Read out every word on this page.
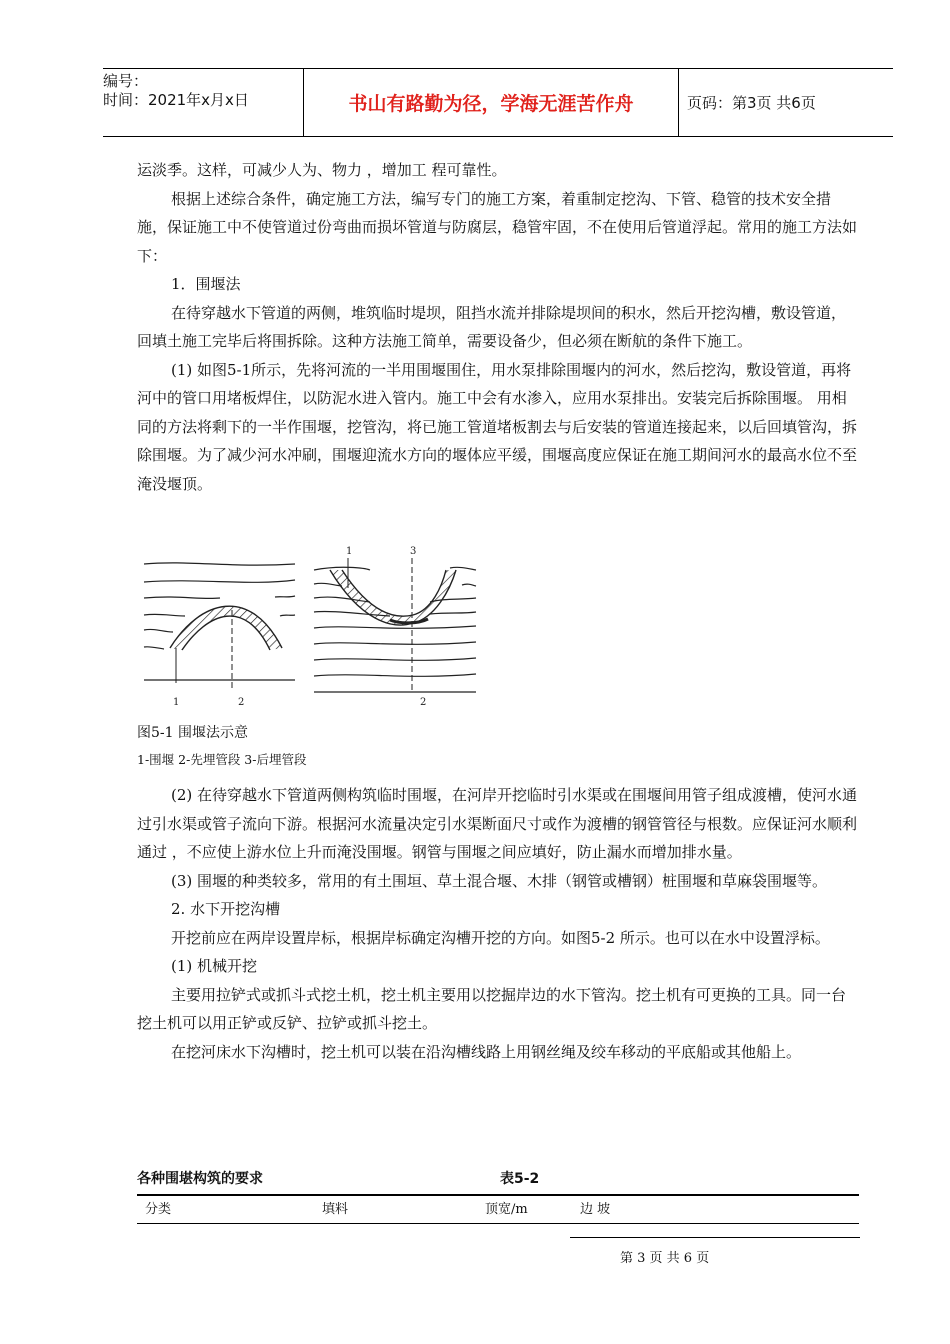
编号：
时间：2021年x月x日	书山有路勤为径，学海无涯苦作舟	页码：第3页 共6页

运淡季。这样，可减少人为、物力 ，增加工 程可靠性。

根据上述综合条件，确定施工方法，编写专门的施工方案，着重制定挖沟、下管、稳管的技术安全措施，保证施工中不使管道过份弯曲而损坏管道与防腐层，稳管牢固，不在使用后管道浮起。常用的施工方法如下：

1．围堰法

在待穿越水下管道的两侧，堆筑临时堤坝，阻挡水流并排除堤坝间的积水，然后开挖沟槽，敷设管道，回填土施工完毕后将围拆除。这种方法施工简单，需要设备少，但必须在断航的条件下施工。

(1) 如图5-1所示，先将河流的一半用围堰围住，用水泵排除围堰内的河水，然后挖沟，敷设管道，再将河中的管口用堵板焊住，以防泥水进入管内。施工中会有水渗入，应用水泵排出。安装完后拆除围堰。 用相同的方法将剩下的一半作围堰，挖管沟，将已施工管道堵板割去与后安装的管道连接起来，以后回填管沟，拆除围堰。为了减少河水冲刷，围堰迎流水方向的堰体应平缓，围堰高度应保证在施工期间河水的最高水位不至淹没堰顶。

1	2
1	3
2
图5-1 围堰法示意
1-围堰 2-先埋管段 3-后埋管段

(2) 在待穿越水下管道两侧构筑临时围堰，在河岸开挖临时引水渠或在围堰间用管子组成渡槽，使河水通过引水渠或管子流向下游。根据河水流量决定引水渠断面尺寸或作为渡槽的钢管管径与根数。应保证河水顺利通过 ，不应使上游水位上升而淹没围堰。钢管与围堰之间应填好，防止漏水而增加排水量。

(3) 围堰的种类较多，常用的有土围垣、草土混合堰、木排（钢管或槽钢）桩围堰和草麻袋围堰等。

2. 水下开挖沟槽

开挖前应在两岸设置岸标，根据岸标确定沟槽开挖的方向。如图5-2 所示。也可以在水中设置浮标。

(1) 机械开挖

主要用拉铲式或抓斗式挖土机，挖土机主要用以挖掘岸边的水下管沟。挖土机有可更换的工具。同一台挖土机可以用正铲或反铲、拉铲或抓斗挖土。

在挖河床水下沟槽时，挖土机可以装在沿沟槽线路上用钢丝绳及绞车移动的平底船或其他船上。

各种围堪构筑的要求	表5-2
分类	填料	顶宽/m	边 坡
第 3 页 共 6 页
